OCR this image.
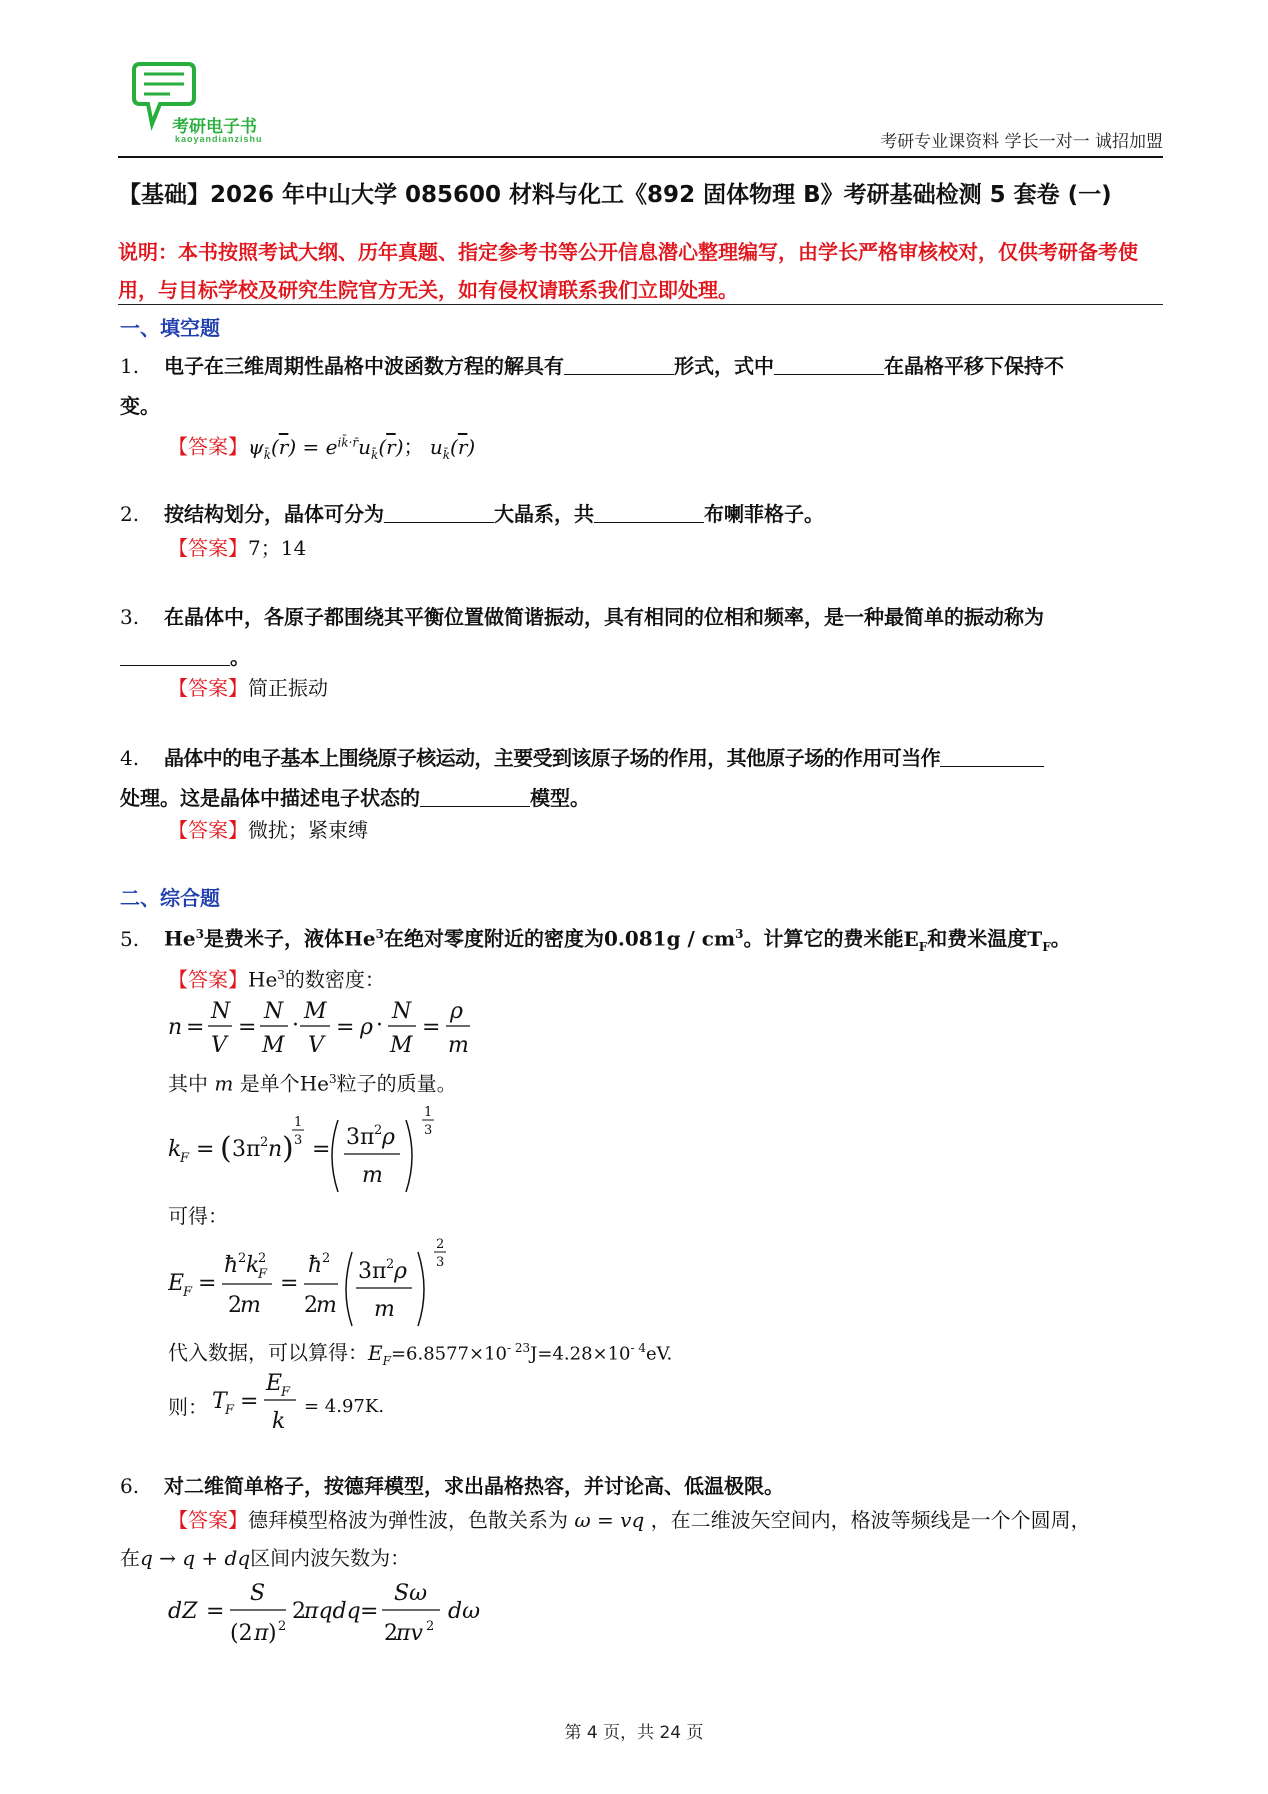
考研电子书
kaoyandianzishu	考研专业课资料 学长一对一 诚招加盟
【基础】2026 年中山大学 085600 材料与化工《892 固体物理 B》考研基础检测 5 套卷 (一)
说明：本书按照考试大纲、历年真题、指定参考书等公开信息潜心整理编写，由学长严格审核校对，仅供考研备考使用，与目标学校及研究生院官方无关，如有侵权请联系我们立即处理。
一、填空题
1. 电子在三维周期性晶格中波函数方程的解具有	形式，式中	在晶格平移下保持不
变。
【答案】$\psi_{k̄}(\overline{r}) = e^{ik̄\cdot r̄}u_{k̄}(\overline{r})$； $u_{k̄}(\overline{r})$
2. 按结构划分，晶体可分为	大晶系，共	布喇菲格子。
【答案】7；14
3. 在晶体中，各原子都围绕其平衡位置做简谐振动，具有相同的位相和频率，是一种最简单的振动称为
。
【答案】简正振动
4. 晶体中的电子基本上围绕原子核运动，主要受到该原子场的作用，其他原子场的作用可当作
处理。这是晶体中描述电子状态的	模型。
【答案】微扰；紧束缚
二、综合题
5. He$^3$是费米子，液体He$^3$在绝对零度附近的密度为$0.081g / cm^3$。计算它的费米能$E_F$和费米温度$T_F$。
【答案】He$^3$的数密度：
n =
N
V
=
N
M
·
M
V
= ρ ·
N
M
=
ρ
m
其中 m 是单个He$^3$粒子的质量。
k
F = ( 3π 2 n )
1
3 = 3π 2 ρ
m
1
3
可得：
E
F =
ħ 2 k
2
F
2
m
=
ħ 2
2
m
3π 2 ρ
m
2
3
代入数据，可以算得：$E_F=6.8577\times 10^{- 23}J=4.28\times 10^{- 4}eV$.
则： T
F =
E
F
k
= 4.97K.
6. 对二维简单格子，按德拜模型，求出晶格热容，并讨论高、低温极限。
【答案】德拜模型格波为弹性波，色散关系为 ω = vq ，在二维波矢空间内，格波等频线是一个个圆周，
在q → q + dq区间内波矢数为：
dZ =
S
(2 π ) 2
2
πqdq =
Sω
2
πv 2
dω
第 4 页，共 24 页
